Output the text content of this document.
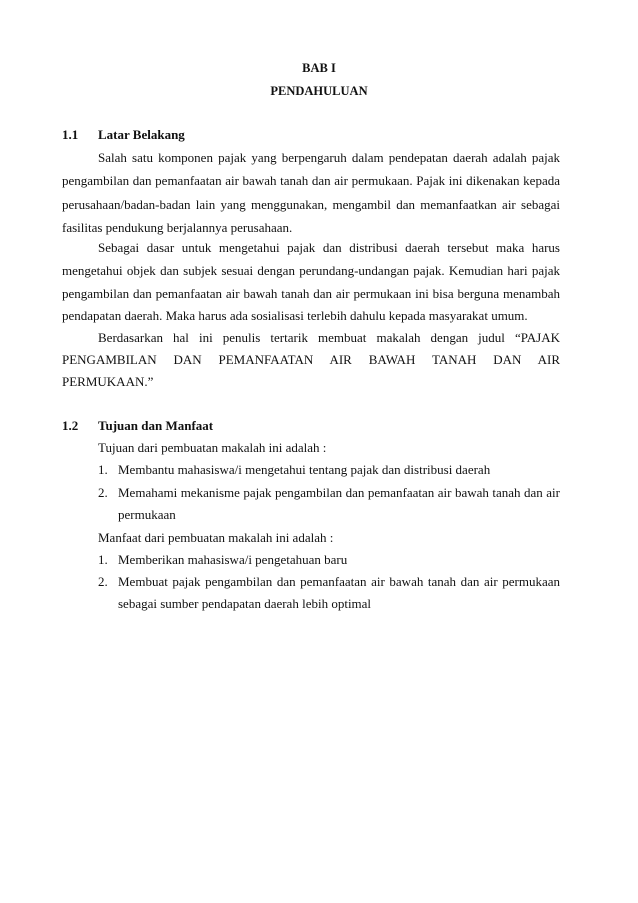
BAB I
PENDAHULUAN
1.1 Latar Belakang
Salah satu komponen pajak yang berpengaruh dalam pendepatan daerah adalah pajak
pengambilan dan pemanfaatan air bawah tanah dan air permukaan. Pajak ini dikenakan kepada
perusahaan/badan-badan lain yang menggunakan, mengambil dan memanfaatkan air sebagai
fasilitas pendukung berjalannya perusahaan.
Sebagai dasar untuk mengetahui pajak dan distribusi daerah tersebut maka harus
mengetahui objek dan subjek sesuai dengan perundang-undangan pajak. Kemudian hari pajak
pengambilan dan pemanfaatan air bawah tanah dan air permukaan ini bisa berguna menambah
pendapatan daerah. Maka harus ada sosialisasi terlebih dahulu kepada masyarakat umum.
Berdasarkan hal ini penulis tertarik membuat makalah dengan judul “PAJAK
PENGAMBILAN DAN PEMANFAATAN AIR BAWAH TANAH DAN AIR
PERMUKAAN.”
1.2 Tujuan dan Manfaat
Tujuan dari pembuatan makalah ini adalah :
1. Membantu mahasiswa/i mengetahui tentang pajak dan distribusi daerah
2. Memahami mekanisme pajak pengambilan dan pemanfaatan air bawah tanah dan air
permukaan
Manfaat dari pembuatan makalah ini adalah :
1. Memberikan mahasiswa/i pengetahuan baru
2. Membuat pajak pengambilan dan pemanfaatan air bawah tanah dan air permukaan
sebagai sumber pendapatan daerah lebih optimal
